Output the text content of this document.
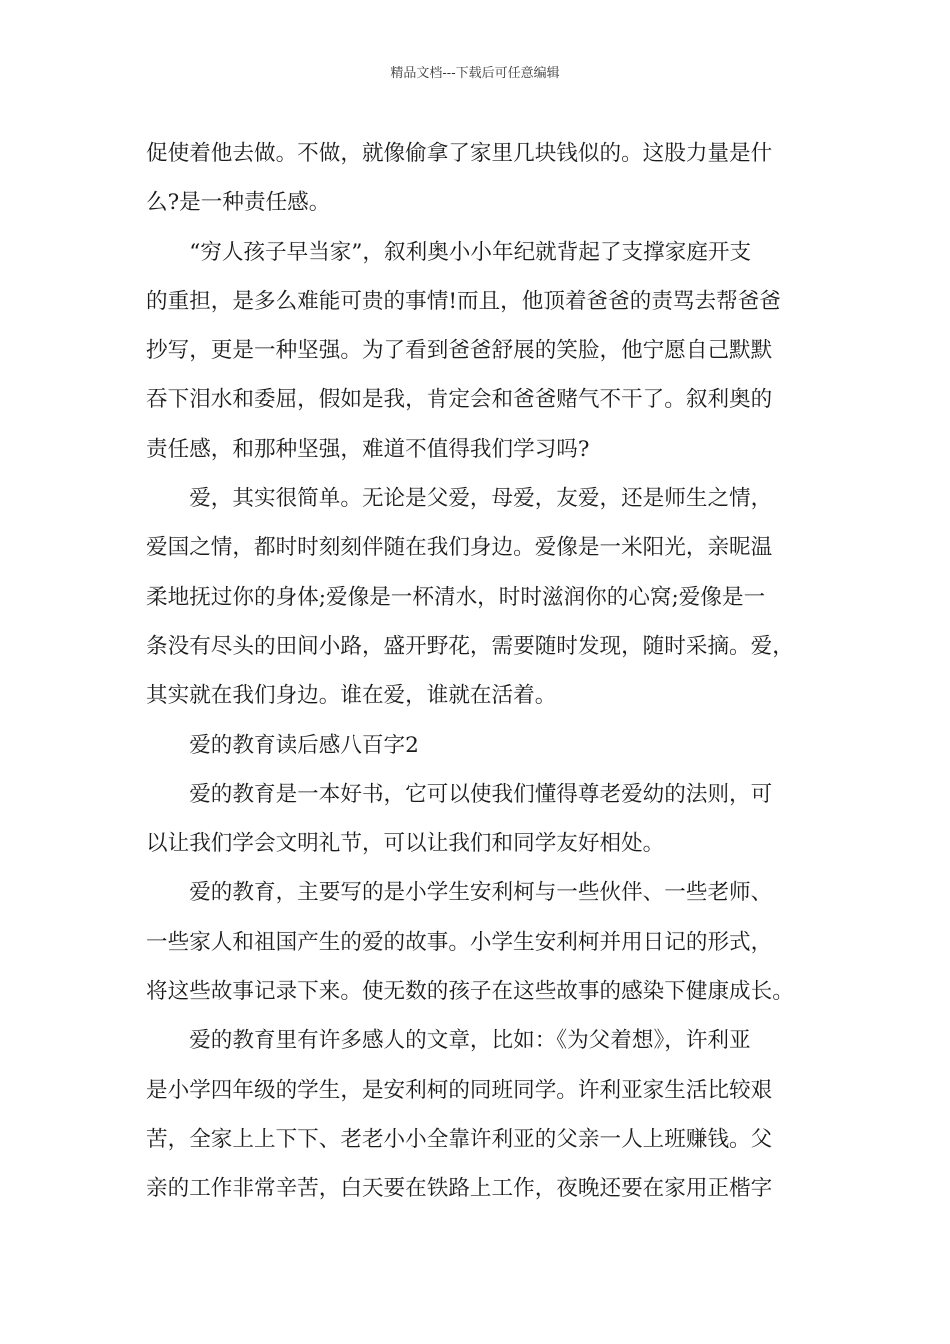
精品文档---下载后可任意编辑
促使着他去做。不做，就像偷拿了家里几块钱似的。这股力量是什
么?是一种责任感。
“穷人孩子早当家”，叙利奥小小年纪就背起了支撑家庭开支
的重担，是多么难能可贵的事情!而且，他顶着爸爸的责骂去帮爸爸
抄写，更是一种坚强。为了看到爸爸舒展的笑脸，他宁愿自己默默
吞下泪水和委屈，假如是我，肯定会和爸爸赌气不干了。叙利奥的
责任感，和那种坚强，难道不值得我们学习吗?
爱，其实很简单。无论是父爱，母爱，友爱，还是师生之情，
爱国之情，都时时刻刻伴随在我们身边。爱像是一米阳光，亲昵温
柔地抚过你的身体;爱像是一杯清水，时时滋润你的心窝;爱像是一
条没有尽头的田间小路，盛开野花，需要随时发现，随时采摘。爱，
其实就在我们身边。谁在爱，谁就在活着。
爱的教育读后感八百字2
爱的教育是一本好书，它可以使我们懂得尊老爱幼的法则，可
以让我们学会文明礼节，可以让我们和同学友好相处。
爱的教育，主要写的是小学生安利柯与一些伙伴、一些老师、
一些家人和祖国产生的爱的故事。小学生安利柯并用日记的形式，
将这些故事记录下来。使无数的孩子在这些故事的感染下健康成长。
爱的教育里有许多感人的文章，比如：《为父着想》，许利亚
是小学四年级的学生，是安利柯的同班同学。许利亚家生活比较艰
苦，全家上上下下、老老小小全靠许利亚的父亲一人上班赚钱。父
亲的工作非常辛苦，白天要在铁路上工作，夜晚还要在家用正楷字
